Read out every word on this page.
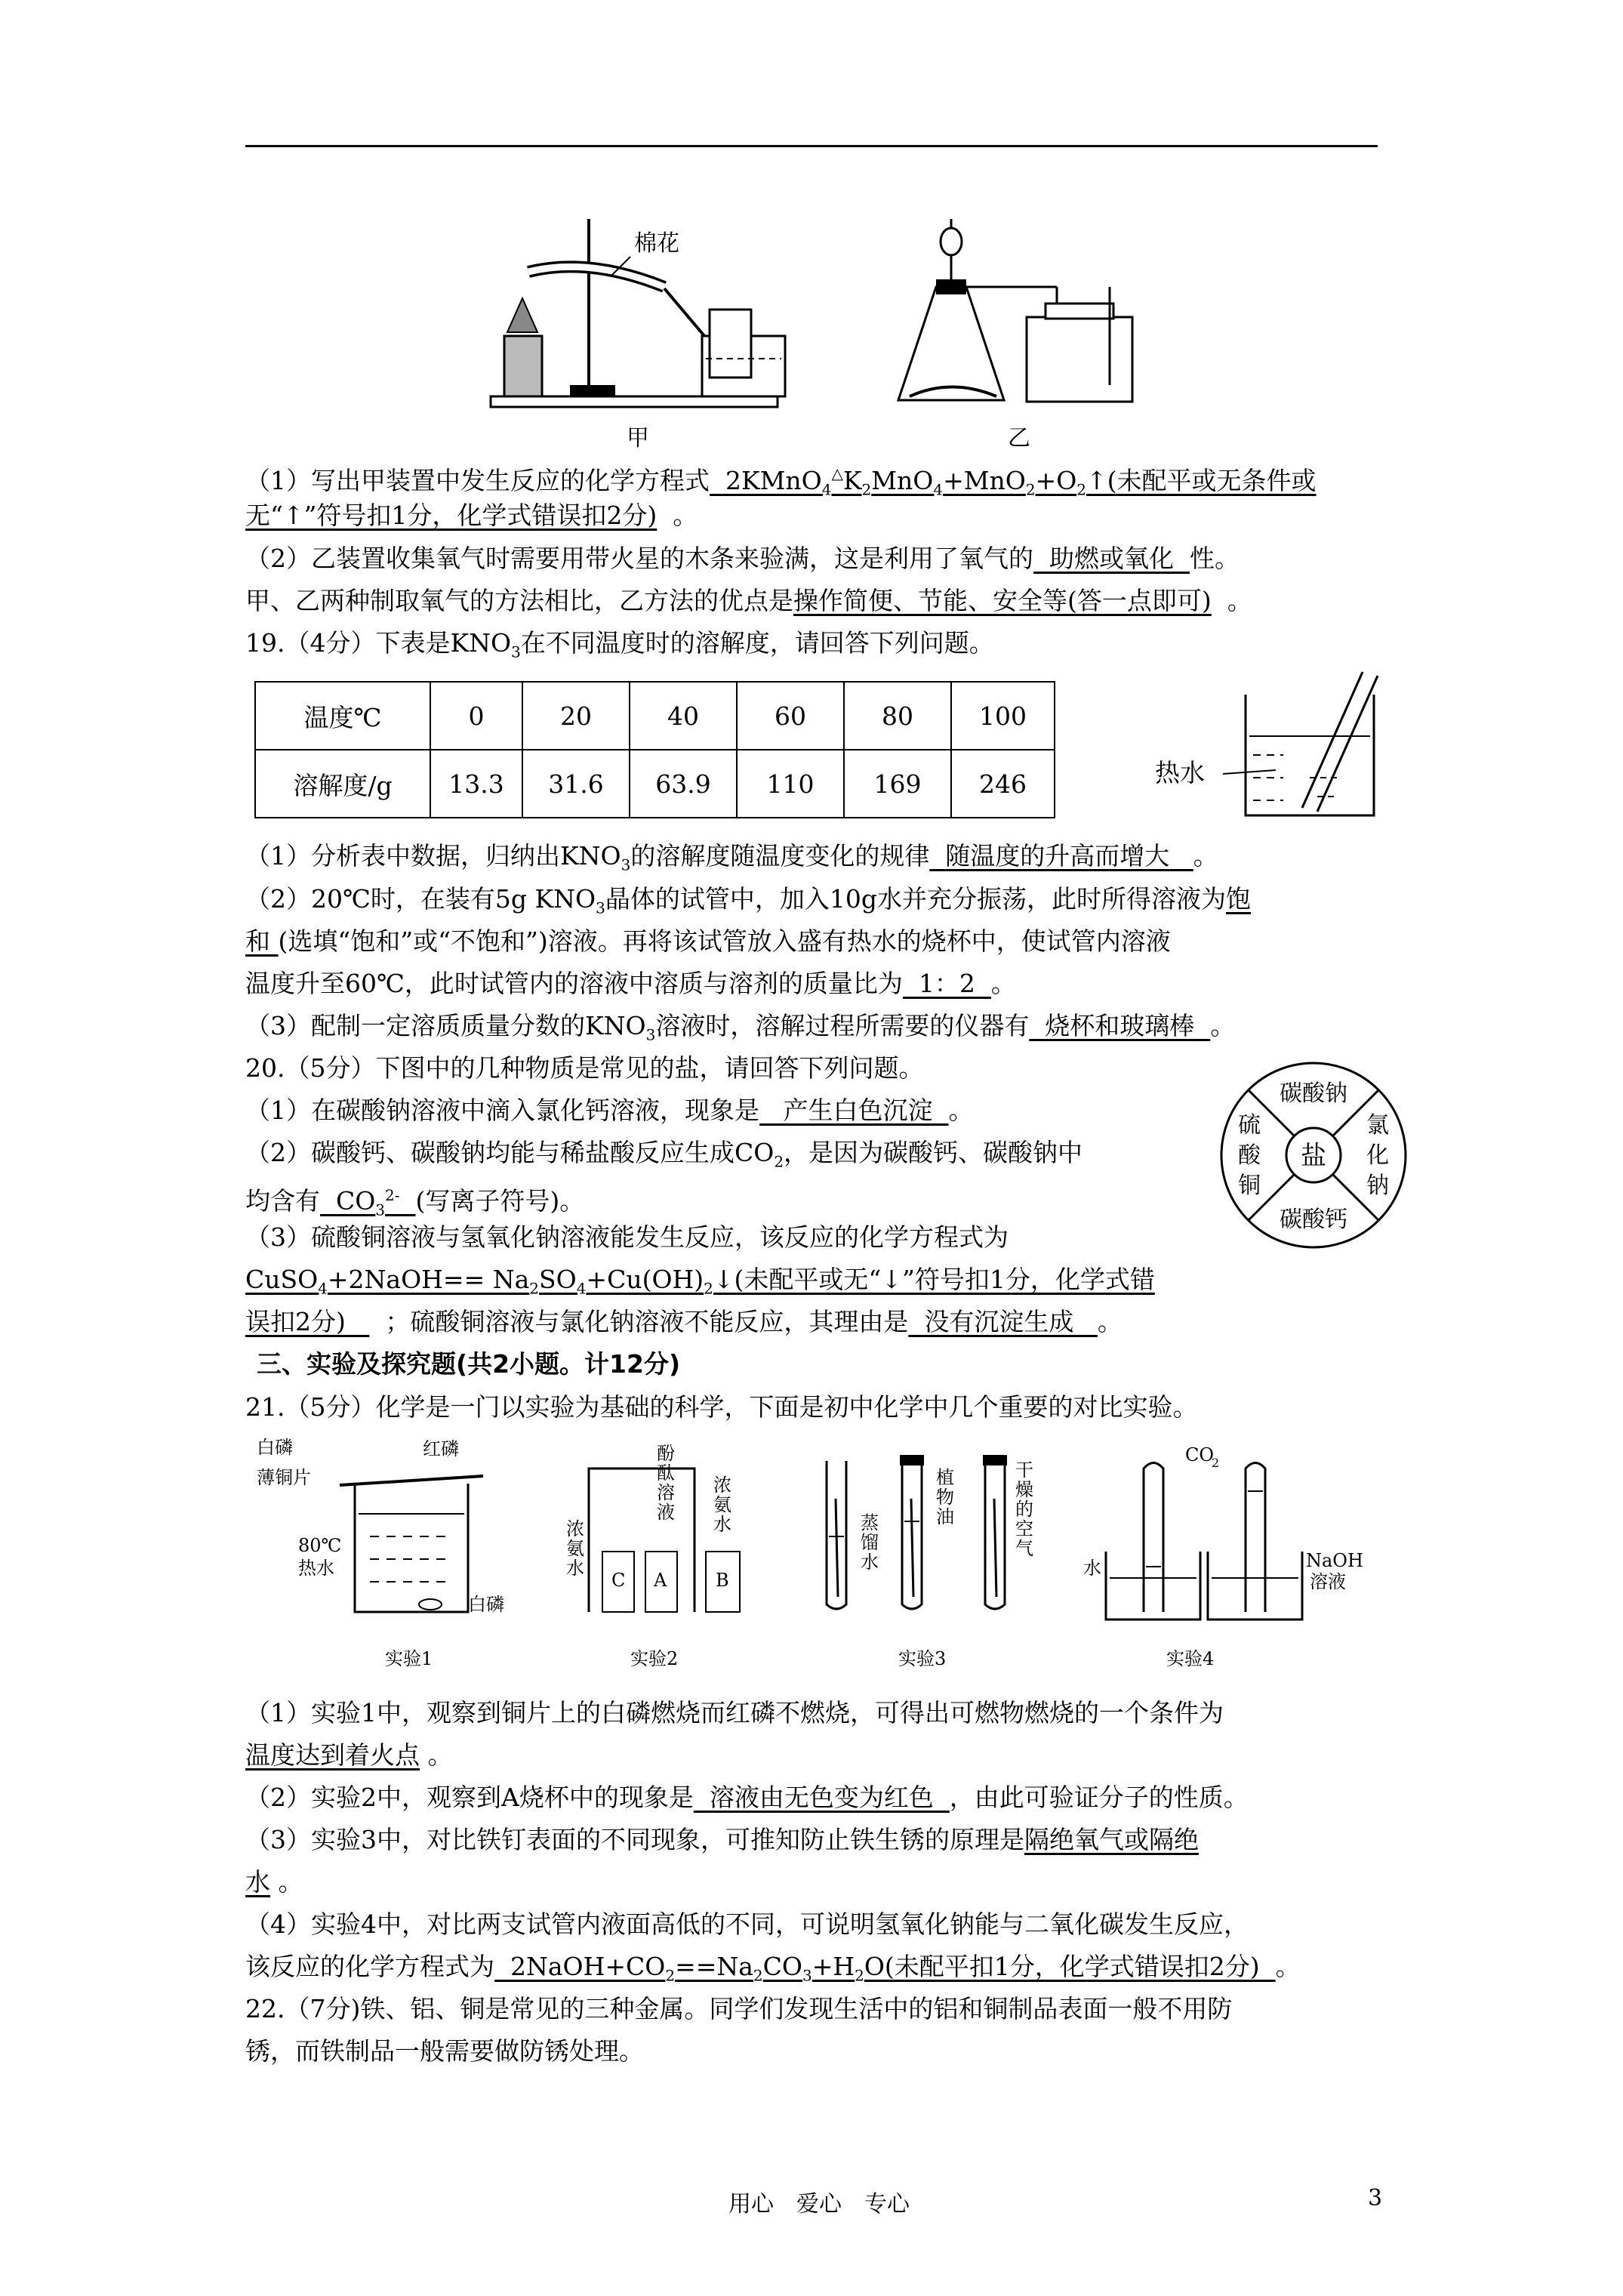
棉花
甲	乙
（1）写出甲装置中发生反应的化学方程式 $2KMnO_4^\triangle K_2MnO_4+MnO_2+O_2↑$(未配平或无条件或
无“↑”符号扣1分，化学式错误扣2分) 。
（2）乙装置收集氧气时需要用带火星的木条来验满，这是利用了氧气的 助燃或氧化 性。
甲、乙两种制取氧气的方法相比，乙方法的优点是操作简便、节能、安全等(答一点即可) 。
19.（4分）下表是$KNO_3$在不同温度时的溶解度，请回答下列问题。
温度℃	0	20	40	60	80	100
溶解度/g	13.3	31.6	63.9	110	169	246	热水
（1）分析表中数据，归纳出$KNO_3$的溶解度随温度变化的规律 随温度的升高而增大 。
（2）20℃时，在装有5g $KNO_3$晶体的试管中，加入10g水并充分振荡，此时所得溶液为饱
和 (选填“饱和”或“不饱和”)溶液。再将该试管放入盛有热水的烧杯中，使试管内溶液
温度升至60℃，此时试管内的溶液中溶质与溶剂的质量比为 1：2 。
（3）配制一定溶质质量分数的$KNO_3$溶液时，溶解过程所需要的仪器有 烧杯和玻璃棒 。
20.（5分）下图中的几种物质是常见的盐，请回答下列问题。
盐
碳酸钠
碳酸钙
硫
酸
铜
氯
化
钠
（1）在碳酸钠溶液中滴入氯化钙溶液，现象是 产生白色沉淀 。
（2）碳酸钙、碳酸钠均能与稀盐酸反应生成$CO_2$，是因为碳酸钙、碳酸钠中
均含有 $CO_3^{2-}$ (写离子符号)。
（3）硫酸铜溶液与氢氧化钠溶液能发生反应，该反应的化学方程式为
CuSO$_4$+2NaOH== $Na_2SO_4+Cu(OH)_2↓$(未配平或无“↓”符号扣1分，化学式错
误扣2分) ；硫酸铜溶液与氯化钠溶液不能反应，其理由是 没有沉淀生成 。
三、实验及探究题(共2小题。计12分)
21.（5分）化学是一门以实验为基础的科学，下面是初中化学中几个重要的对比实验。
白磷	红磷
薄铜片
80℃
热水
白磷
实验1
C A	B
浓
氨
水
酚
酞
溶
液
浓
氨
水
实验2
蒸
馏
水
植
物
油
干
燥
的
空
气
实验3
CO
2
水	NaOH
溶液
实验4
（1）实验1中，观察到铜片上的白磷燃烧而红磷不燃烧，可得出可燃物燃烧的一个条件为
温度达到着火点 。
（2）实验2中，观察到A烧杯中的现象是 溶液由无色变为红色 ，由此可验证分子的性质。
（3）实验3中，对比铁钉表面的不同现象，可推知防止铁生锈的原理是隔绝氧气或隔绝
水 。
（4）实验4中，对比两支试管内液面高低的不同，可说明氢氧化钠能与二氧化碳发生反应，
该反应的化学方程式为 $2NaOH+CO_2==Na_2CO_3+H_2O$(未配平扣1分，化学式错误扣2分) 。
22.（7分)铁、铝、铜是常见的三种金属。同学们发现生活中的铝和铜制品表面一般不用防
锈，而铁制品一般需要做防锈处理。
用心　爱心　专心	3
